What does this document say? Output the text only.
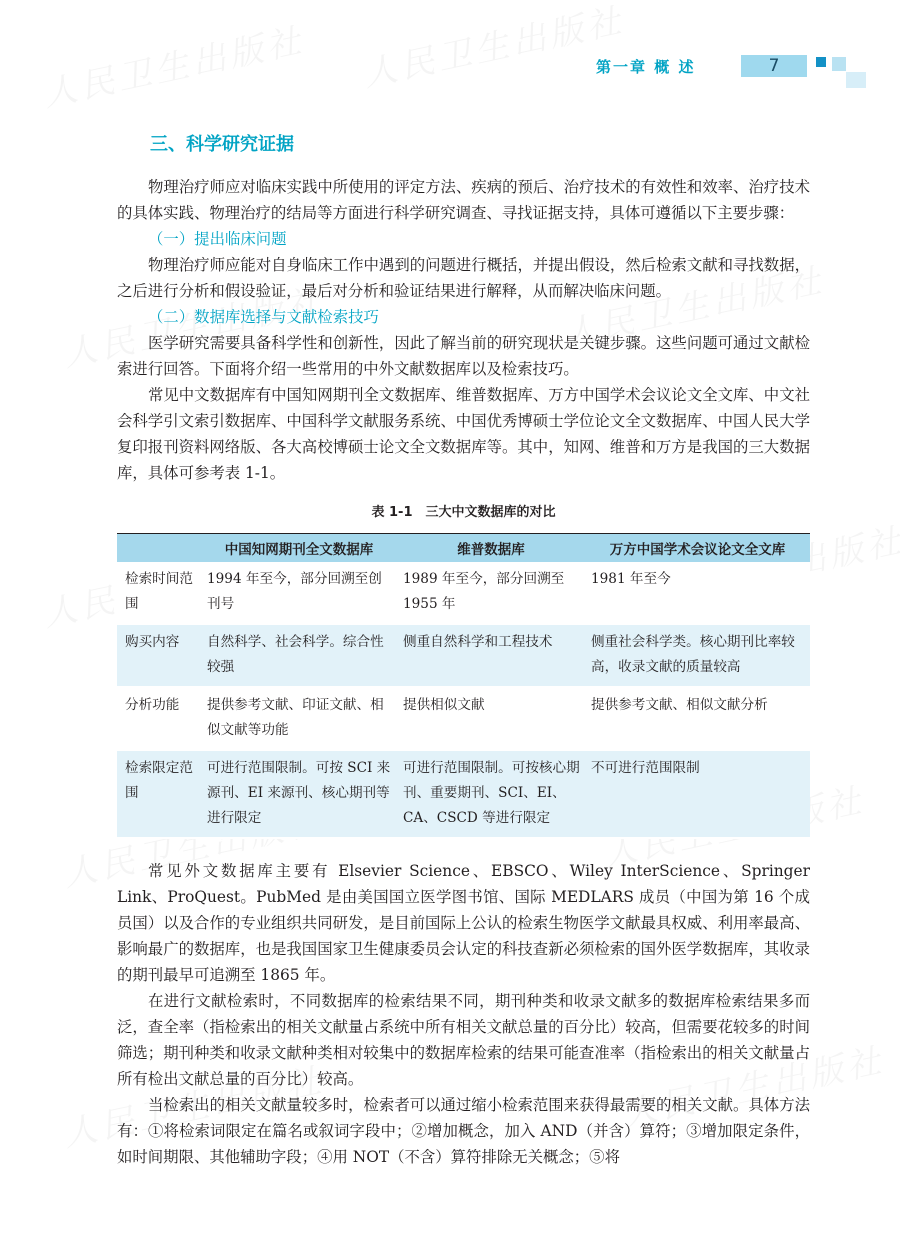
第一章 概 述	7
三、科学研究证据

物理治疗师应对临床实践中所使用的评定方法、疾病的预后、治疗技术的有效性和效率、治疗技术的具体实践、物理治疗的结局等方面进行科学研究调查、寻找证据支持，具体可遵循以下主要步骤：

（一）提出临床问题

物理治疗师应能对自身临床工作中遇到的问题进行概括，并提出假设，然后检索文献和寻找数据，之后进行分析和假设验证，最后对分析和验证结果进行解释，从而解决临床问题。

（二）数据库选择与文献检索技巧

医学研究需要具备科学性和创新性，因此了解当前的研究现状是关键步骤。这些问题可通过文献检索进行回答。下面将介绍一些常用的中外文献数据库以及检索技巧。

常见中文数据库有中国知网期刊全文数据库、维普数据库、万方中国学术会议论文全文库、中文社会科学引文索引数据库、中国科学文献服务系统、中国优秀博硕士学位论文全文数据库、中国人民大学复印报刊资料网络版、各大高校博硕士论文全文数据库等。其中，知网、维普和万方是我国的三大数据库，具体可参考表 1-1。

表 1-1　三大中文数据库的对比
	中国知网期刊全文数据库	维普数据库	万方中国学术会议论文全文库
检索时间范围	1994 年至今，部分回溯至创刊号	1989 年至今，部分回溯至 1955 年	1981 年至今
购买内容	自然科学、社会科学。综合性较强	侧重自然科学和工程技术	侧重社会科学类。核心期刊比率较高，收录文献的质量较高
分析功能	提供参考文献、印证文献、相似文献等功能	提供相似文献	提供参考文献、相似文献分析
检索限定范围	可进行范围限制。可按 SCI 来源刊、EI 来源刊、核心期刊等进行限定	可进行范围限制。可按核心期刊、重要期刊、SCI、EI、CA、CSCD 等进行限定	不可进行范围限制

常见外文数据库主要有 Elsevier Science、EBSCO、Wiley InterScience、Springer Link、ProQuest。PubMed 是由美国国立医学图书馆、国际 MEDLARS 成员（中国为第 16 个成员国）以及合作的专业组织共同研发，是目前国际上公认的检索生物医学文献最具权威、利用率最高、影响最广的数据库，也是我国国家卫生健康委员会认定的科技查新必须检索的国外医学数据库，其收录的期刊最早可追溯至 1865 年。

在进行文献检索时，不同数据库的检索结果不同，期刊种类和收录文献多的数据库检索结果多而泛，查全率（指检索出的相关文献量占系统中所有相关文献总量的百分比）较高，但需要花较多的时间筛选；期刊种类和收录文献种类相对较集中的数据库检索的结果可能查准率（指检索出的相关文献量占所有检出文献总量的百分比）较高。

当检索出的相关文献量较多时，检索者可以通过缩小检索范围来获得最需要的相关文献。具体方法有：①将检索词限定在篇名或叙词字段中；②增加概念，加入 AND（并含）算符；③增加限定条件，如时间期限、其他辅助字段；④用 NOT（不含）算符排除无关概念；⑤将
